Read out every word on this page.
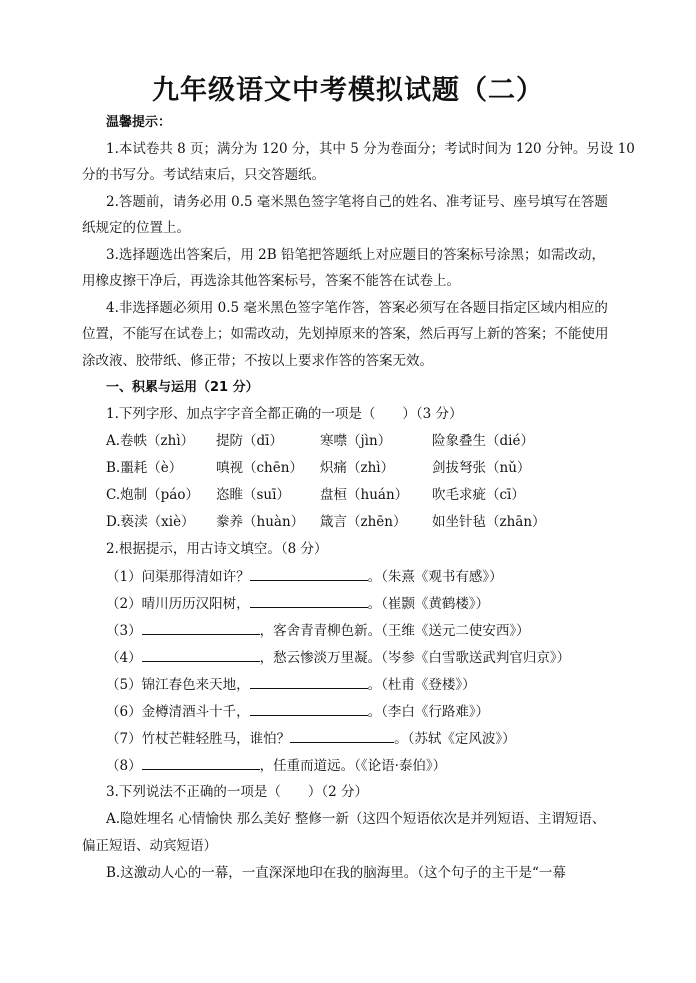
九年级语文中考模拟试题（二）
温馨提示：
1.本试卷共 8 页；满分为 120 分，其中 5 分为卷面分；考试时间为 120 分钟。另设 10
分的书写分。考试结束后，只交答题纸。
2.答题前，请务必用 0.5 毫米黑色签字笔将自己的姓名、准考证号、座号填写在答题
纸规定的位置上。
3.选择题选出答案后，用 2B 铅笔把答题纸上对应题目的答案标号涂黑；如需改动，
用橡皮擦干净后，再选涂其他答案标号，答案不能答在试卷上。
4.非选择题必须用 0.5 毫米黑色签字笔作答，答案必须写在各题目指定区域内相应的
位置，不能写在试卷上；如需改动，先划掉原来的答案，然后再写上新的答案；不能使用
涂改液、胶带纸、修正带；不按以上要求作答的答案无效。
一、积累与运用（21 分）
1.下列字形、加点字字音全都正确的一项是（　　）（3 分）
A.卷帙（zhì） 提防（dī）	寒噤（jìn）	险象叠生（dié）
B.噩耗（è）	嗔视（chēn） 炽痛（zhì）	剑拔弩张（nǔ）
C.炮制（páo） 恣睢（suī） 盘桓（huán） 吹毛求疵（cī）
D.亵渎（xiè） 豢养（huàn） 箴言（zhēn） 如坐针毡（zhān）
2.根据提示，用古诗文填空。（8 分）
（1）问渠那得清如许？	。（朱熹《观书有感》）
（2）晴川历历汉阳树，	。（崔颢《黄鹤楼》）
（3）	，客舍青青柳色新。（王维《送元二使安西》）
（4）	，愁云惨淡万里凝。（岑参《白雪歌送武判官归京》）
（5）锦江春色来天地，	。（杜甫《登楼》）
（6）金樽清酒斗十千，	。（李白《行路难》）
（7）竹杖芒鞋轻胜马，谁怕？	。（苏轼《定风波》）
（8）	，任重而道远。（《论语·泰伯》）
3.下列说法不正确的一项是（　　）（2 分）
A.隐姓埋名 心情愉快 那么美好 整修一新（这四个短语依次是并列短语、主谓短语、
偏正短语、动宾短语）
B.这激动人心的一幕，一直深深地印在我的脑海里。（这个句子的主干是“一幕
